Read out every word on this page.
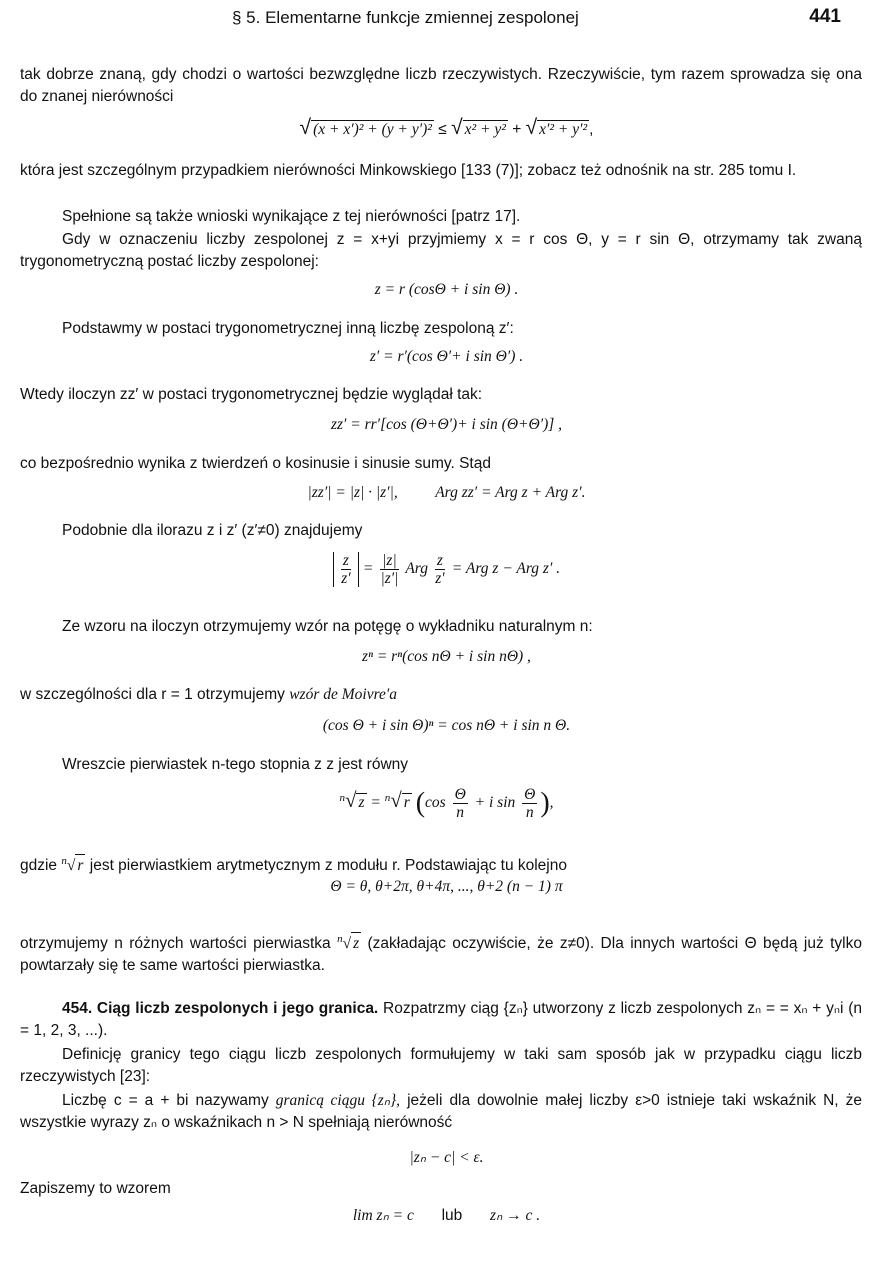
§ 5. Elementarne funkcje zmiennej zespolonej	441
tak dobrze znaną, gdy chodzi o wartości bezwzględne liczb rzeczywistych. Rzeczywiście, tym razem sprowadza się ona do znanej nierówności
√ (x + x′)² + (y + y′)² ≤ √ x² + y² + √ x′² + y′² ,
która jest szczególnym przypadkiem nierówności Minkowskiego [133 (7)]; zobacz też odnośnik na str. 285 tomu I.
Spełnione są także wnioski wynikające z tej nierówności [patrz 17].
Gdy w oznaczeniu liczby zespolonej z = x+yi przyjmiemy x = r cos Θ, y = r sin Θ, otrzymamy tak zwaną trygonometryczną postać liczby zespolonej:
z = r (cosΘ + i sin Θ) .
Podstawmy w postaci trygonometrycznej inną liczbę zespoloną z′:
z′ = r′(cos Θ′+ i sin Θ′) .
Wtedy iloczyn zz′ w postaci trygonometrycznej będzie wyglądał tak:
zz′ = rr′[cos (Θ+Θ′)+ i sin (Θ+Θ′)] ,
co bezpośrednio wynika z twierdzeń o kosinusie i sinusie sumy. Stąd
|zz′| = |z| · |z′|, Arg zz′ = Arg z + Arg z′.
Podobnie dla ilorazu z i z′ (z′≠0) znajdujemy
$\frac{z}{z'} = \frac{|z|}{|z'|}$ Arg $\frac{z}{z'}$ = Arg z − Arg z′ .
Ze wzoru na iloczyn otrzymujemy wzór na potęgę o wykładniku naturalnym n:
zⁿ = rⁿ(cos nΘ + i sin nΘ) ,
w szczególności dla r = 1 otrzymujemy wzór de Moivre′a
(cos Θ + i sin Θ)ⁿ = cos nΘ + i sin n Θ.
Wreszcie pierwiastek n-tego stopnia z z jest równy
$^n$√ z = $^n$√ r ($\cos \frac{\Theta}{n} + i$ $\sin \frac{\Theta}{n}$ ),
gdzie $^n$√ r jest pierwiastkiem arytmetycznym z modułu r. Podstawiając tu kolejno
Θ = θ, θ+2π, θ+4π, ..., θ+2 (n − 1) π
otrzymujemy n różnych wartości pierwiastka $^n$√ z (zakładając oczywiście, że z≠0). Dla innych wartości Θ będą już tylko powtarzały się te same wartości pierwiastka.
454. Ciąg liczb zespolonych i jego granica. Rozpatrzmy ciąg {zₙ} utworzony z liczb zespolonych zₙ = = xₙ + yₙi (n = 1, 2, 3, ...).
Definicję granicy tego ciągu liczb zespolonych formułujemy w taki sam sposób jak w przypadku ciągu liczb rzeczywistych [23]:
Liczbę c = a + bi nazywamy granicą ciągu {zₙ}, jeżeli dla dowolnie małej liczby ε>0 istnieje taki wskaźnik N, że wszystkie wyrazy zₙ o wskaźnikach n > N spełniają nierówność
|zₙ − c| < ε.
Zapiszemy to wzorem
lim zₙ = c lub zₙ → c .
